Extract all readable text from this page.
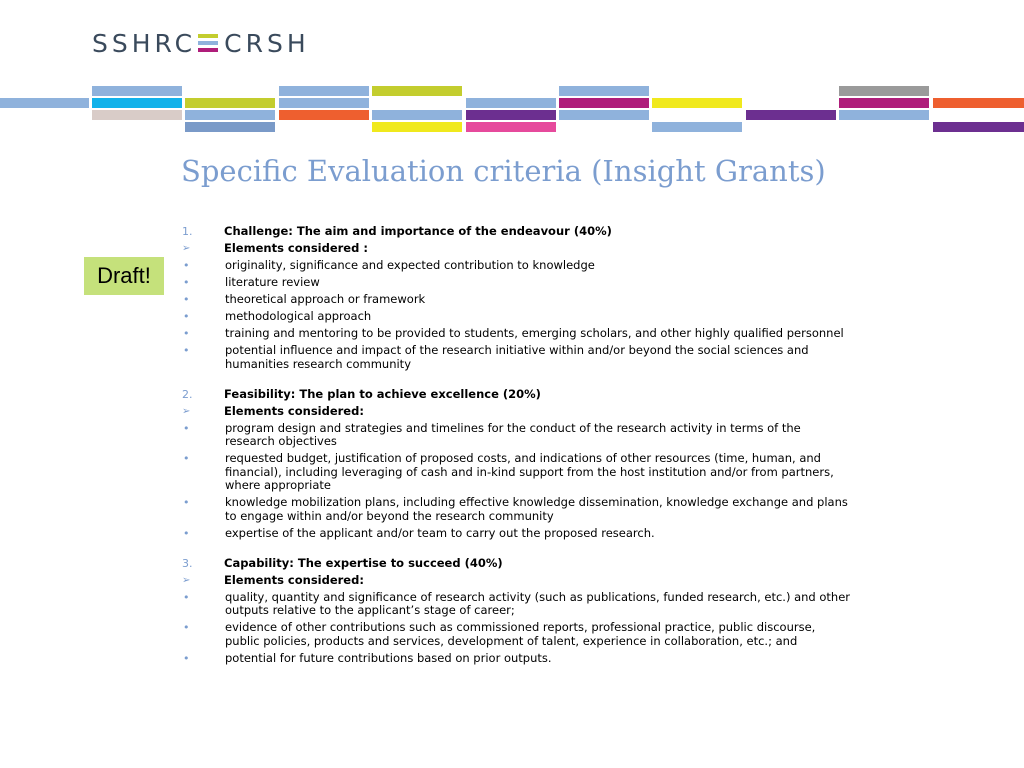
SSHRC CRSH
Specific Evaluation criteria (Insight Grants)
Draft!
1.	Challenge: The aim and importance of the endeavour (40%)
➢	Elements considered :
•	originality, significance and expected contribution to knowledge
•	literature review
•	theoretical approach or framework
•	methodological approach
•	training and mentoring to be provided to students, emerging scholars, and other highly qualified personnel
•	potential influence and impact of the research initiative within and/or beyond the social sciences and humanities research community
2.	Feasibility: The plan to achieve excellence (20%)
➢	Elements considered:
•	program design and strategies and timelines for the conduct of the research activity in terms of the research objectives
•	requested budget, justification of proposed costs, and indications of other resources (time, human, and financial), including leveraging of cash and in-kind support from the host institution and/or from partners, where appropriate
•	knowledge mobilization plans, including effective knowledge dissemination, knowledge exchange and plans to engage within and/or beyond the research community
•	expertise of the applicant and/or team to carry out the proposed research.
3.	Capability: The expertise to succeed (40%)
➢	Elements considered:
•	quality, quantity and significance of research activity (such as publications, funded research, etc.) and other outputs relative to the applicant’s stage of career;
•	evidence of other contributions such as commissioned reports, professional practice, public discourse, public policies, products and services, development of talent, experience in collaboration, etc.; and
•	potential for future contributions based on prior outputs.
